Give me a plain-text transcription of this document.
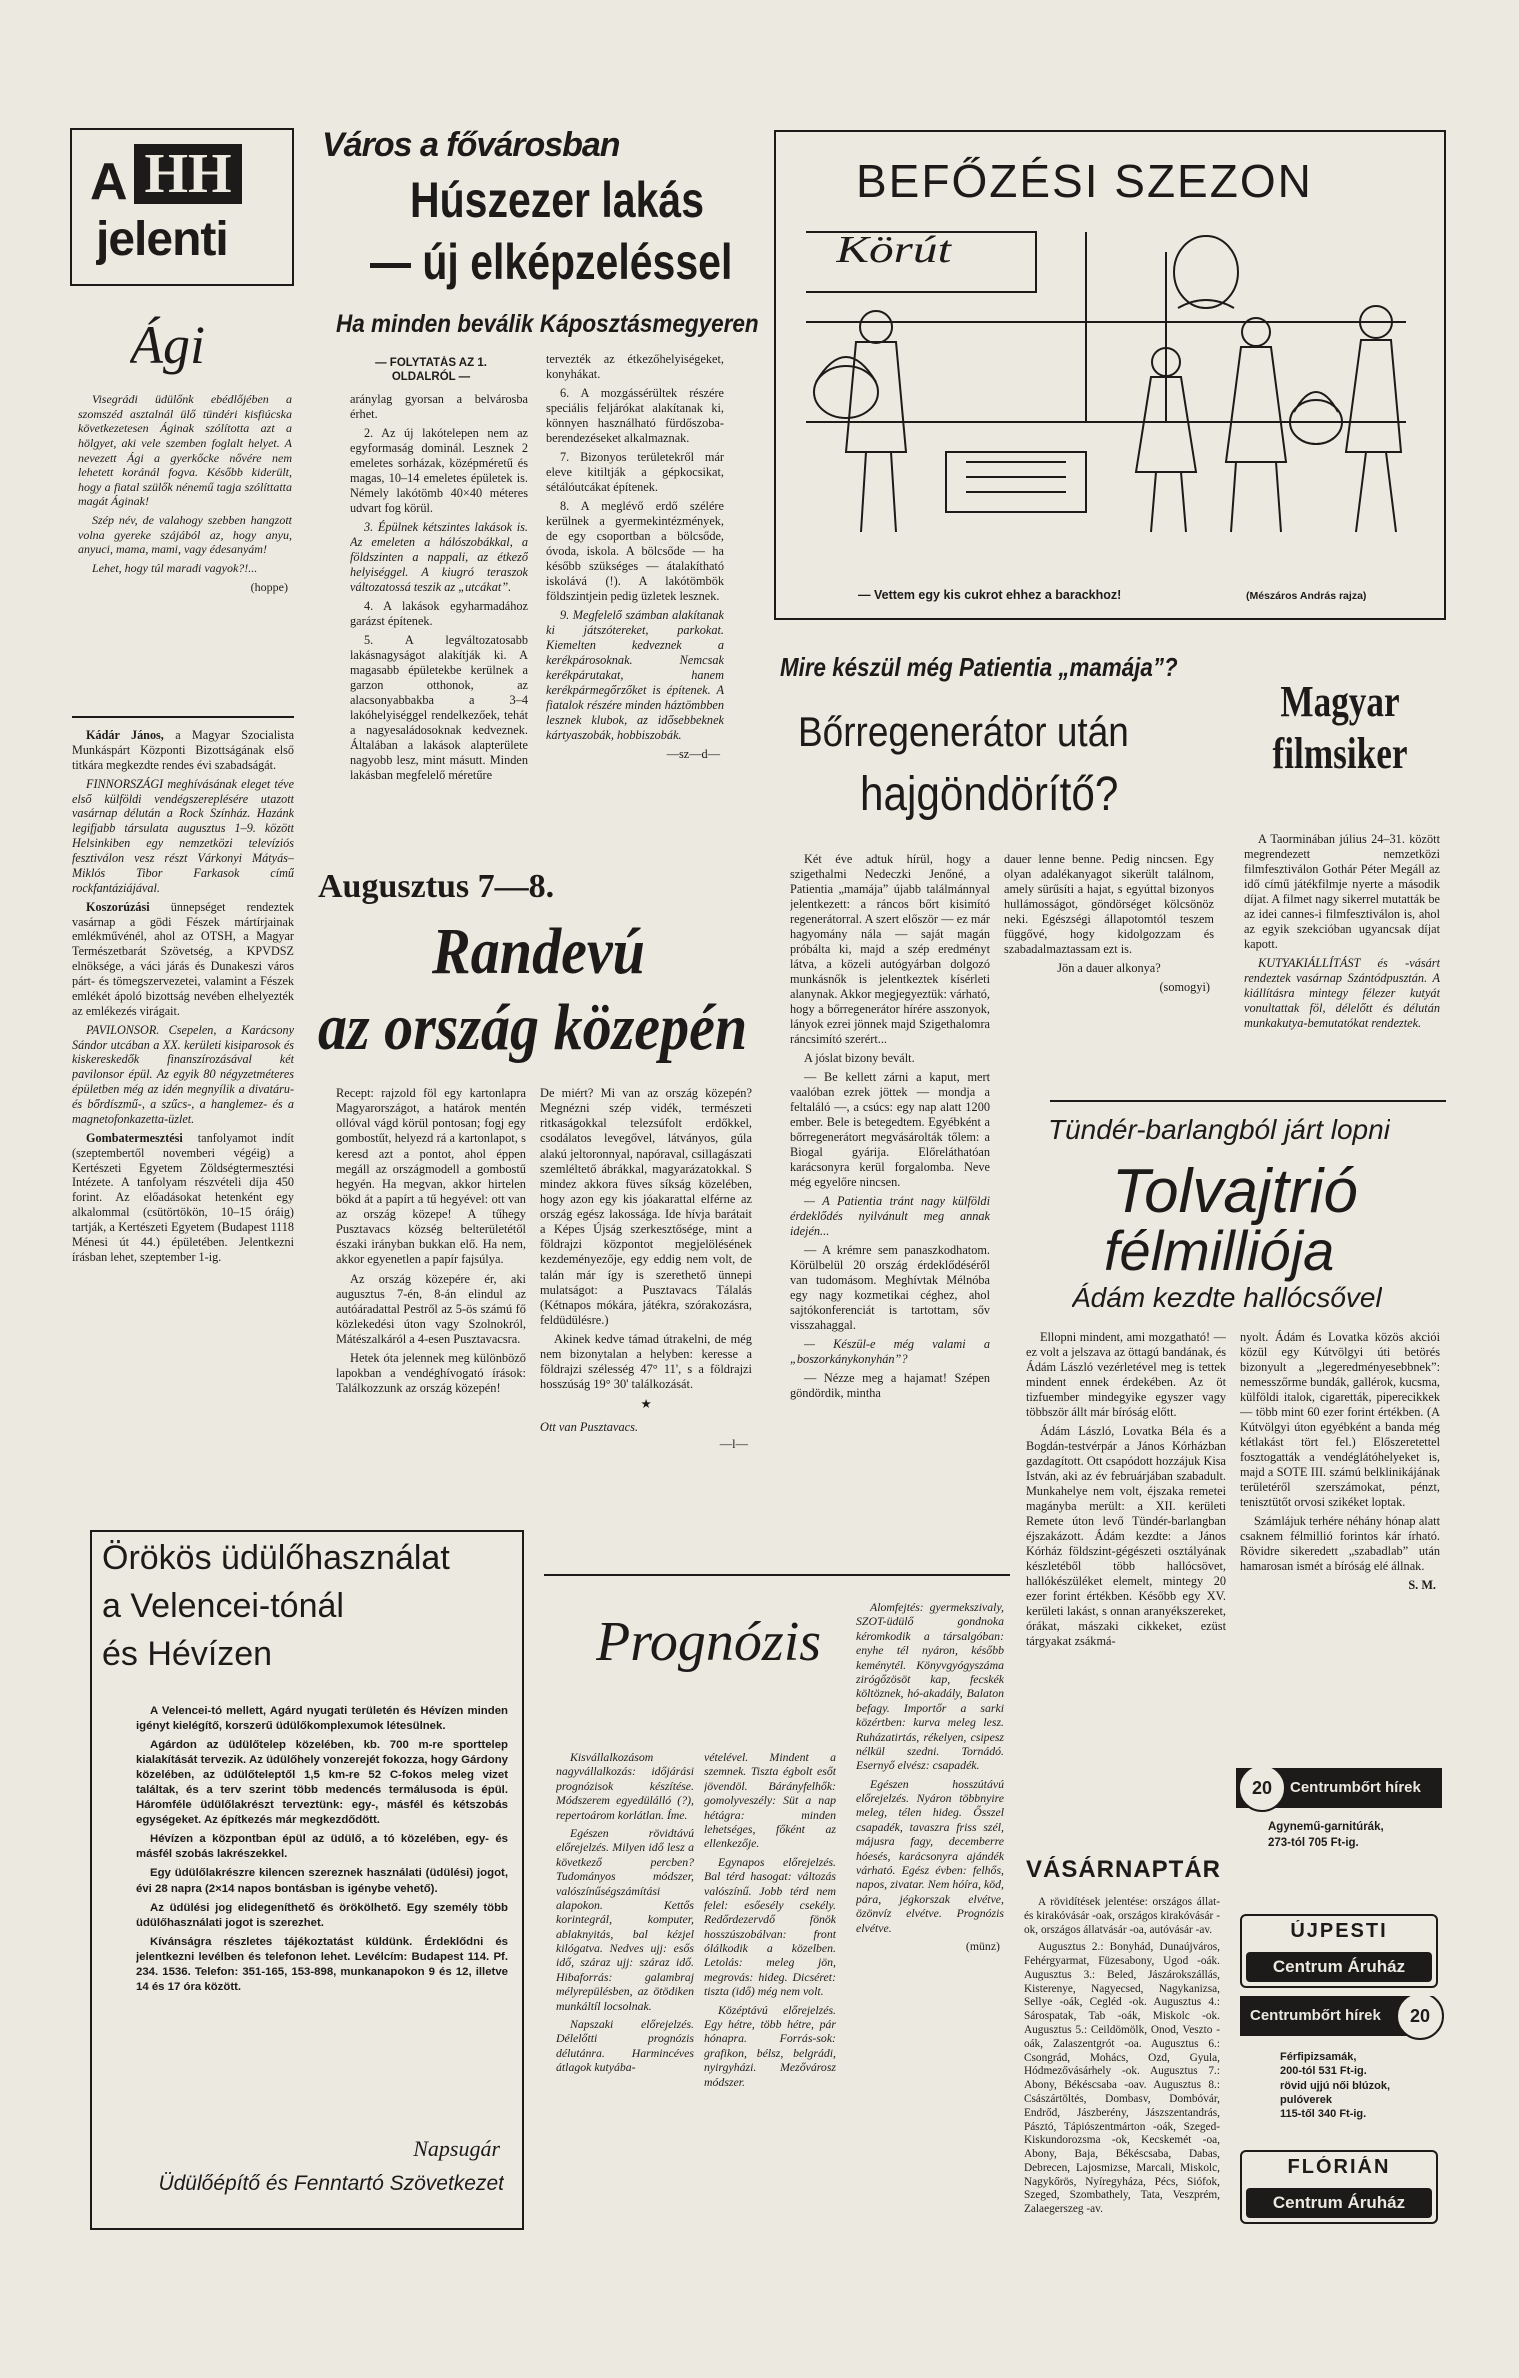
A HH
jelenti
Ági

Visegrádi üdülőnk ebédlőjében a szomszéd asztalnál ülő tündéri kisfiúcska következetesen Áginak szólította azt a hölgyet, aki vele szemben foglalt helyet. A nevezett Ági a gyerkőcke nővére nem lehetett koránál fogva. Később kiderült, hogy a fiatal szülők nénemű tagja szólíttatta magát Áginak!

Szép név, de valahogy szebben hangzott volna gyereke szájából az, hogy anyu, anyuci, mama, mami, vagy édesanyám!

Lehet, hogy túl maradi vagyok?!...

(hoppe)

Kádár János, a Magyar Szocialista Munkáspárt Központi Bizottságának első titkára megkezdte rendes évi szabadságát.

FINNORSZÁGI meghívásának eleget téve első külföldi vendégszereplésére utazott vasárnap délután a Rock Színház. Hazánk legifjabb társulata augusztus 1–9. között Helsinkiben egy nemzetközi televíziós fesztiválon vesz részt Várkonyi Mátyás–Miklós Tibor Farkasok című rockfantáziájával.

Koszorúzási ünnepséget rendeztek vasárnap a gödi Fészek mártírjainak emlékművénél, ahol az OTSH, a Magyar Természetbarát Szövetség, a KPVDSZ elnöksége, a váci járás és Dunakeszi város párt- és tömegszervezetei, valamint a Fészek emlékét ápoló bizottság nevében elhelyezték az emlékezés virágait.

PAVILONSOR. Csepelen, a Karácsony Sándor utcában a XX. kerületi kisiparosok és kiskereskedők finanszírozásával két pavilonsor épül. Az egyik 80 négyzetméteres épületben még az idén megnyílik a divatáru- és bőrdíszmű-, a szűcs-, a hanglemez- és a magnetofonkazetta-üzlet.

Gombatermesztési tanfolyamot indít (szeptembertől novemberi végéig) a Kertészeti Egyetem Zöldségtermesztési Intézete. A tanfolyam részvételi díja 450 forint. Az előadásokat hetenként egy alkalommal (csütörtökön, 10–15 óráig) tartják, a Kertészeti Egyetem (Budapest 1118 Ménesi út 44.) épületében. Jelentkezni írásban lehet, szeptember 1-ig.

Város a fővárosban
Húszezer lakás
— új elképzeléssel
Ha minden beválik Káposztásmegyeren
— FOLYTATÁS AZ 1. OLDALRÓL —

aránylag gyorsan a belvárosba érhet.

2. Az új lakótelepen nem az egyformaság dominál. Lesznek 2 emeletes sorházak, középméretű és magas, 10–14 emeletes épületek is. Némely lakótömb 40×40 méteres udvart fog körül.

3. Épülnek kétszintes lakások is. Az emeleten a hálószobákkal, a földszinten a nappali, az étkező helyiséggel. A kiugró teraszok változatossá teszik az „utcákat”.

4. A lakások egyharmadához garázst építenek.

5. A legváltozatosabb lakásnagyságot alakítják ki. A magasabb épületekbe kerülnek a garzon otthonok, az alacsonyabbakba a 3–4 lakóhelyiséggel rendelkezőek, tehát a nagyesaládosoknak kedveznek. Általában a lakások alapterülete nagyobb lesz, mint másutt. Minden lakásban megfelelő méretűre

tervezték az étkezőhelyiségeket, konyhákat.

6. A mozgássérültek részére speciális feljárókat alakítanak ki, könnyen használható fürdőszoba-berendezéseket alkalmaznak.

7. Bizonyos területekről már eleve kitiltják a gépkocsikat, sétálóutcákat építenek.

8. A meglévő erdő szélére kerülnek a gyermekintézmények, de egy csoportban a bölcsőde, óvoda, iskola. A bölcsőde — ha később szükséges — átalakítható iskolává (!). A lakótömbök földszintjein pedig üzletek lesznek.

9. Megfelelő számban alakítanak ki játszótereket, parkokat. Kiemelten kedveznek a kerékpárosoknak. Nemcsak kerékpárutakat, hanem kerékpármegőrzőket is építenek. A fiatalok részére minden háztömbben lesznek klubok, az idősebbeknek kártyaszobák, hobbiszobák.

—sz—d—
Augusztus 7—8.
Randevú
az ország közepén

Recept: rajzold föl egy kartonlapra Magyarországot, a határok mentén ollóval vágd körül pontosan; fogj egy gombostűt, helyezd rá a kartonlapot, s keresd azt a pontot, ahol éppen megáll az országmodell a gombostű hegyén. Ha megvan, akkor hirtelen bökd át a papírt a tű hegyével: ott van az ország közepe! A tűhegy Pusztavacs község belterületétől északi irányban bukkan elő. Ha nem, akkor egyenetlen a papír fajsúlya.

Az ország közepére ér, aki augusztus 7-én, 8-án elindul az autóáradattal Pestről az 5-ös számú fő közlekedési úton vagy Szolnokról, Mátészalkáról a 4-esen Pusztavacsra.

Hetek óta jelennek meg különböző lapokban a vendéghívogató írások: Találkozzunk az ország közepén!

De miért? Mi van az ország közepén? Megnézni szép vidék, természeti ritkaságokkal telezsúfolt erdőkkel, csodálatos levegővel, látványos, gúla alakú jeltoronnyal, napóraval, csillagászati szemléltető ábrákkal, magyarázatokkal. S mindez akkora füves síkság közelében, hogy azon egy kis jóakarattal elférne az ország egész lakossága. Ide hívja barátait a Képes Újság szerkesztősége, mint a földrajzi központot megjelölésének kezdeményezője, egy eddig nem volt, de talán már így is szerethető ünnepi mulatságot: a Pusztavacs Tálalás (Kétnapos mókára, játékra, szórakozásra, feldüdülésre.)

Akinek kedve támad útrakelni, de még nem bizonytalan a helyben: keresse a földrajzi szélesség 47° 11', s a földrajzi hosszúság 19° 30' találkozását.

★
Ott van Pusztavacs.
—l—
BEFŐZÉSI SZEZON
Körút
— Vettem egy kis cukrot ehhez a barackhoz!	(Mészáros András rajza)
Mire készül még Patientia „mamája”?
Bőrregenerátor után
hajgöndörítő?

Két éve adtuk hírül, hogy a szigethalmi Nedeczki Jenőné, a Patientia „mamája” újabb találmánnyal jelentkezett: a ráncos bőrt kisimító regenerátorral. A szert először — ez már hagyomány nála — saját magán próbálta ki, majd a szép eredményt látva, a közeli autógyárban dolgozó munkásnők is jelentkeztek kísérleti alanynak. Akkor megjegyeztük: várható, hogy a bőrregenerátor hírére asszonyok, lányok ezrei jönnek majd Szigethalomra ráncsimító szerért...

A jóslat bizony bevált.

— Be kellett zárni a kaput, mert vaalóban ezrek jöttek — mondja a feltaláló —, a csúcs: egy nap alatt 1200 ember. Bele is betegedtem. Egyébként a bőrregenerátort megvásárolták tőlem: a Biogal gyárija. Előreláthatóan karácsonyra kerül forgalomba. Neve még egyelőre nincsen.

— A Patientia tránt nagy külföldi érdeklődés nyilvánult meg annak idején...

— A krémre sem panaszkodhatom. Körülbelül 20 ország érdeklődéséről van tudomásom. Meghívtak Mélnóba egy nagy kozmetikai céghez, ahol sajtókonferenciát is tartottam, sőv visszahaggal.

— Készül-e még valami a „boszorkánykonyhán”?

— Nézze meg a hajamat! Szépen göndördik, mintha

dauer lenne benne. Pedig nincsen. Egy olyan adalékanyagot sikerült találnom, amely sürűsíti a hajat, s egyúttal bizonyos hullámosságot, göndörséget kölcsönöz neki. Egészségi állapotomtól teszem függővé, hogy kidolgozzam és szabadalmaztassam ezt is.

Jön a dauer alkonya?

(somogyi)
Magyar
filmsiker

A Taorminában július 24–31. között megrendezett nemzetközi filmfesztiválon Gothár Péter Megáll az idő című játékfilmje nyerte a második díjat. A filmet nagy sikerrel mutatták be az idei cannes-i filmfesztiválon is, ahol az egyik szekcióban ugyancsak díjat kapott.

KUTYAKIÁLLÍTÁST és -vásárt rendeztek vasárnap Szántódpusztán. A kiállításra mintegy félezer kutyát vonultattak föl, délelőtt és délután munkakutya-bemutatókat rendeztek.

Tündér-barlangból járt lopni
Tolvajtrió
félmilliója
Ádám kezdte hallócsővel

Ellopni mindent, ami mozgatható! — ez volt a jelszava az öttagú bandának, és Ádám László vezérletével meg is tettek mindent ennek érdekében. Az öt tizfuember mindegyike egyszer vagy többször állt már bíróság előtt.

Ádám László, Lovatka Béla és a Bogdán-testvérpár a János Kórházban gazdagított. Ott csapódott hozzájuk Kisa István, aki az év februárjában szabadult. Munkahelye nem volt, éjszaka remetei magányba merült: a XII. kerületi Remete úton levő Tündér-barlangban éjszakázott. Ádám kezdte: a János Kórház földszint-gégészeti osztályának készletéből több hallócsövet, hallókészüléket elemelt, mintegy 20 ezer forint értékben. Később egy XV. kerületi lakást, s onnan aranyékszereket, órákat, mászaki cikkeket, ezüst tárgyakat zsákmá-

nyolt. Ádám és Lovatka közös akciói közül egy Kútvölgyi úti betörés bizonyult a „legeredményesebbnek”: nemesszőrme bundák, gallérok, kucsma, külföldi italok, cigaretták, piperecikkek — több mint 60 ezer forint értékben. (A Kútvölgyi úton egyébként a banda még kétlakást tört fel.) Előszeretettel fosztogatták a vendéglátóhelyeket is, majd a SOTE III. számú belklinikájának területéről szerszámokat, pénzt, tenisztütőt orvosi szikéket loptak.

Számlájuk terhére néhány hónap alatt csaknem félmillió forintos kár írható. Rövidre sikeredett „szabadlab” után hamarosan ismét a bíróság elé állnak.

S. M.
Örökös üdülőhasználat
a Velencei-tónál
és Hévízen

A Velencei-tó mellett, Agárd nyugati területén és Hévízen minden igényt kielégítő, korszerű üdülőkomplexumok létesülnek.

Agárdon az üdülőtelep közelében, kb. 700 m-re sporttelep kialakítását tervezik. Az üdülőhely vonzerejét fokozza, hogy Gárdony közelében, az üdülőteleptől 1,5 km-re 52 C-fokos meleg vizet találtak, és a terv szerint több medencés termálusoda is épül. Háromféle üdülőlakrészt terveztünk: egy-, másfél és kétszobás egységeket. Az építkezés már megkezdődött.

Hévízen a központban épül az üdülő, a tó közelében, egy- és másfél szobás lakrészekkel.

Egy üdülőlakrészre kilencen szereznek használati (üdülési) jogot, évi 28 napra (2×14 napos bontásban is igénybe vehető).

Az üdülési jog elidegeníthető és örökölhető. Egy személy több üdülőhasználati jogot is szerezhet.

Kívánságra részletes tájékoztatást küldünk. Érdeklődni és jelentkezni levélben és telefonon lehet. Levélcím: Budapest 114. Pf. 234. 1536. Telefon: 351-165, 153-898, munkanapokon 9 és 12, illetve 14 és 17 óra között.

Napsugár
Üdülőépítő és Fenntartó Szövetkezet
Prognózis

Kisvállalkozásom nagyvállalkozás: időjárási prognózisok készítése. Módszerem egyedülálló (?), repertoárom korlátlan. Íme.

Egészen rövidtávú előrejelzés. Milyen idő lesz a következő percben? Tudományos módszer, valószínűségszámítási alapokon. Kettős korintegrál, komputer, ablaknyitás, bal kézjel kilógatva. Nedves ujj: esős idő, száraz ujj: száraz idő. Hibaforrás: galambraj mélyrepülésben, az ötödiken munkáltíl locsolnak.

Napszaki előrejelzés. Délelőtti prognózis délutánra. Harmincéves átlagok kutyába-

vételével. Mindent a szemnek. Tiszta égbolt esőt jövendöl. Bárányfelhők: gomolyveszély: Süt a nap hétágra: minden lehetséges, főként az ellenkezője.

Egynapos előrejelzés. Bal térd hasogat: változás valószínű. Jobb térd nem felel: esőesély csekély. Redőrdezervdő fönök hosszúszobálvan: front ólálkodik a közelben. Letolás: meleg jön, megrovás: hideg. Dicséret: tiszta (idő) még nem volt.

Középtávú előrejelzés. Egy hétre, több hétre, pár hónapra. Forrás-sok: grafikon, bélsz, belgrádi, nyirgyházi. Mezővárosz módszer.

Alomfejtés: gyermekszivaly, SZOT-üdülő gondnoka kéromkodik a társalgóban: enyhe tél nyáron, később keménytél. Könyvgyógyszáma zirógőzösöt kap, fecskék költöznek, hó-akadály, Balaton befagy. Importőr a sarki közértben: kurva meleg lesz. Ruházatirtás, rékelyen, csipesz nélkül szedni. Tornádó. Esernyő elvész: csapadék.

Egészen hosszútávú előrejelzés. Nyáron többnyire meleg, télen hideg. Ősszel csapadék, tavaszra friss szél, májusra fagy, decemberre hóesés, karácsonyra ajándék várható. Egész évben: felhős, napos, zivatar. Nem hóíra, köd, pára, jégkorszak elvétve, özönvíz elvétve. Prognózis elvétve.

(münz)
VÁSÁRNAPTÁR

A rövidítések jelentése: országos állat- és kirakóvásár -oak, országos kirakóvásár -ok, országos állatvásár -oa, autóvásár -av.

Augusztus 2.: Bonyhád, Dunaújváros, Fehérgyarmat, Füzesabony, Ugod -oák. Augusztus 3.: Beled, Jászárokszállás, Kisterenye, Nagyecsed, Nagykanizsa, Sellye -oák, Cegléd -ok. Augusztus 4.: Sárospatak, Tab -oák, Miskolc -ok. Augusztus 5.: Ceildömölk, Onod, Veszto -oák, Zalaszentgrót -oa. Augusztus 6.: Csongrád, Mohács, Ozd, Gyula, Hódmezővásárhely -ok. Augusztus 7.: Abony, Békéscsaba -oav. Augusztus 8.: Császártöltés, Dombasv, Dombóvár, Endrőd, Jászberény, Jászszentandrás, Pásztó, Tápiószentmárton -oák, Szeged-Kiskundorozsma -ok, Kecskemét -oa, Abony, Baja, Békéscsaba, Dabas, Debrecen, Lajosmizse, Marcali, Miskolc, Nagykőrös, Nyíregyháza, Pécs, Siófok, Szeged, Szombathely, Tata, Veszprém, Zalaegerszeg -av.

Centrumbőrt hírek
20
Agynemű-garnitúrák,
273-tól 705 Ft-ig.
ÚJPESTI
Centrum Áruház
Centrumbőrt hírek	20
Férfipizsamák,
200-tól 531 Ft-ig.
rövid ujjú női blúzok,
pulóverek
115-től 340 Ft-ig.
FLÓRIÁN
Centrum Áruház
